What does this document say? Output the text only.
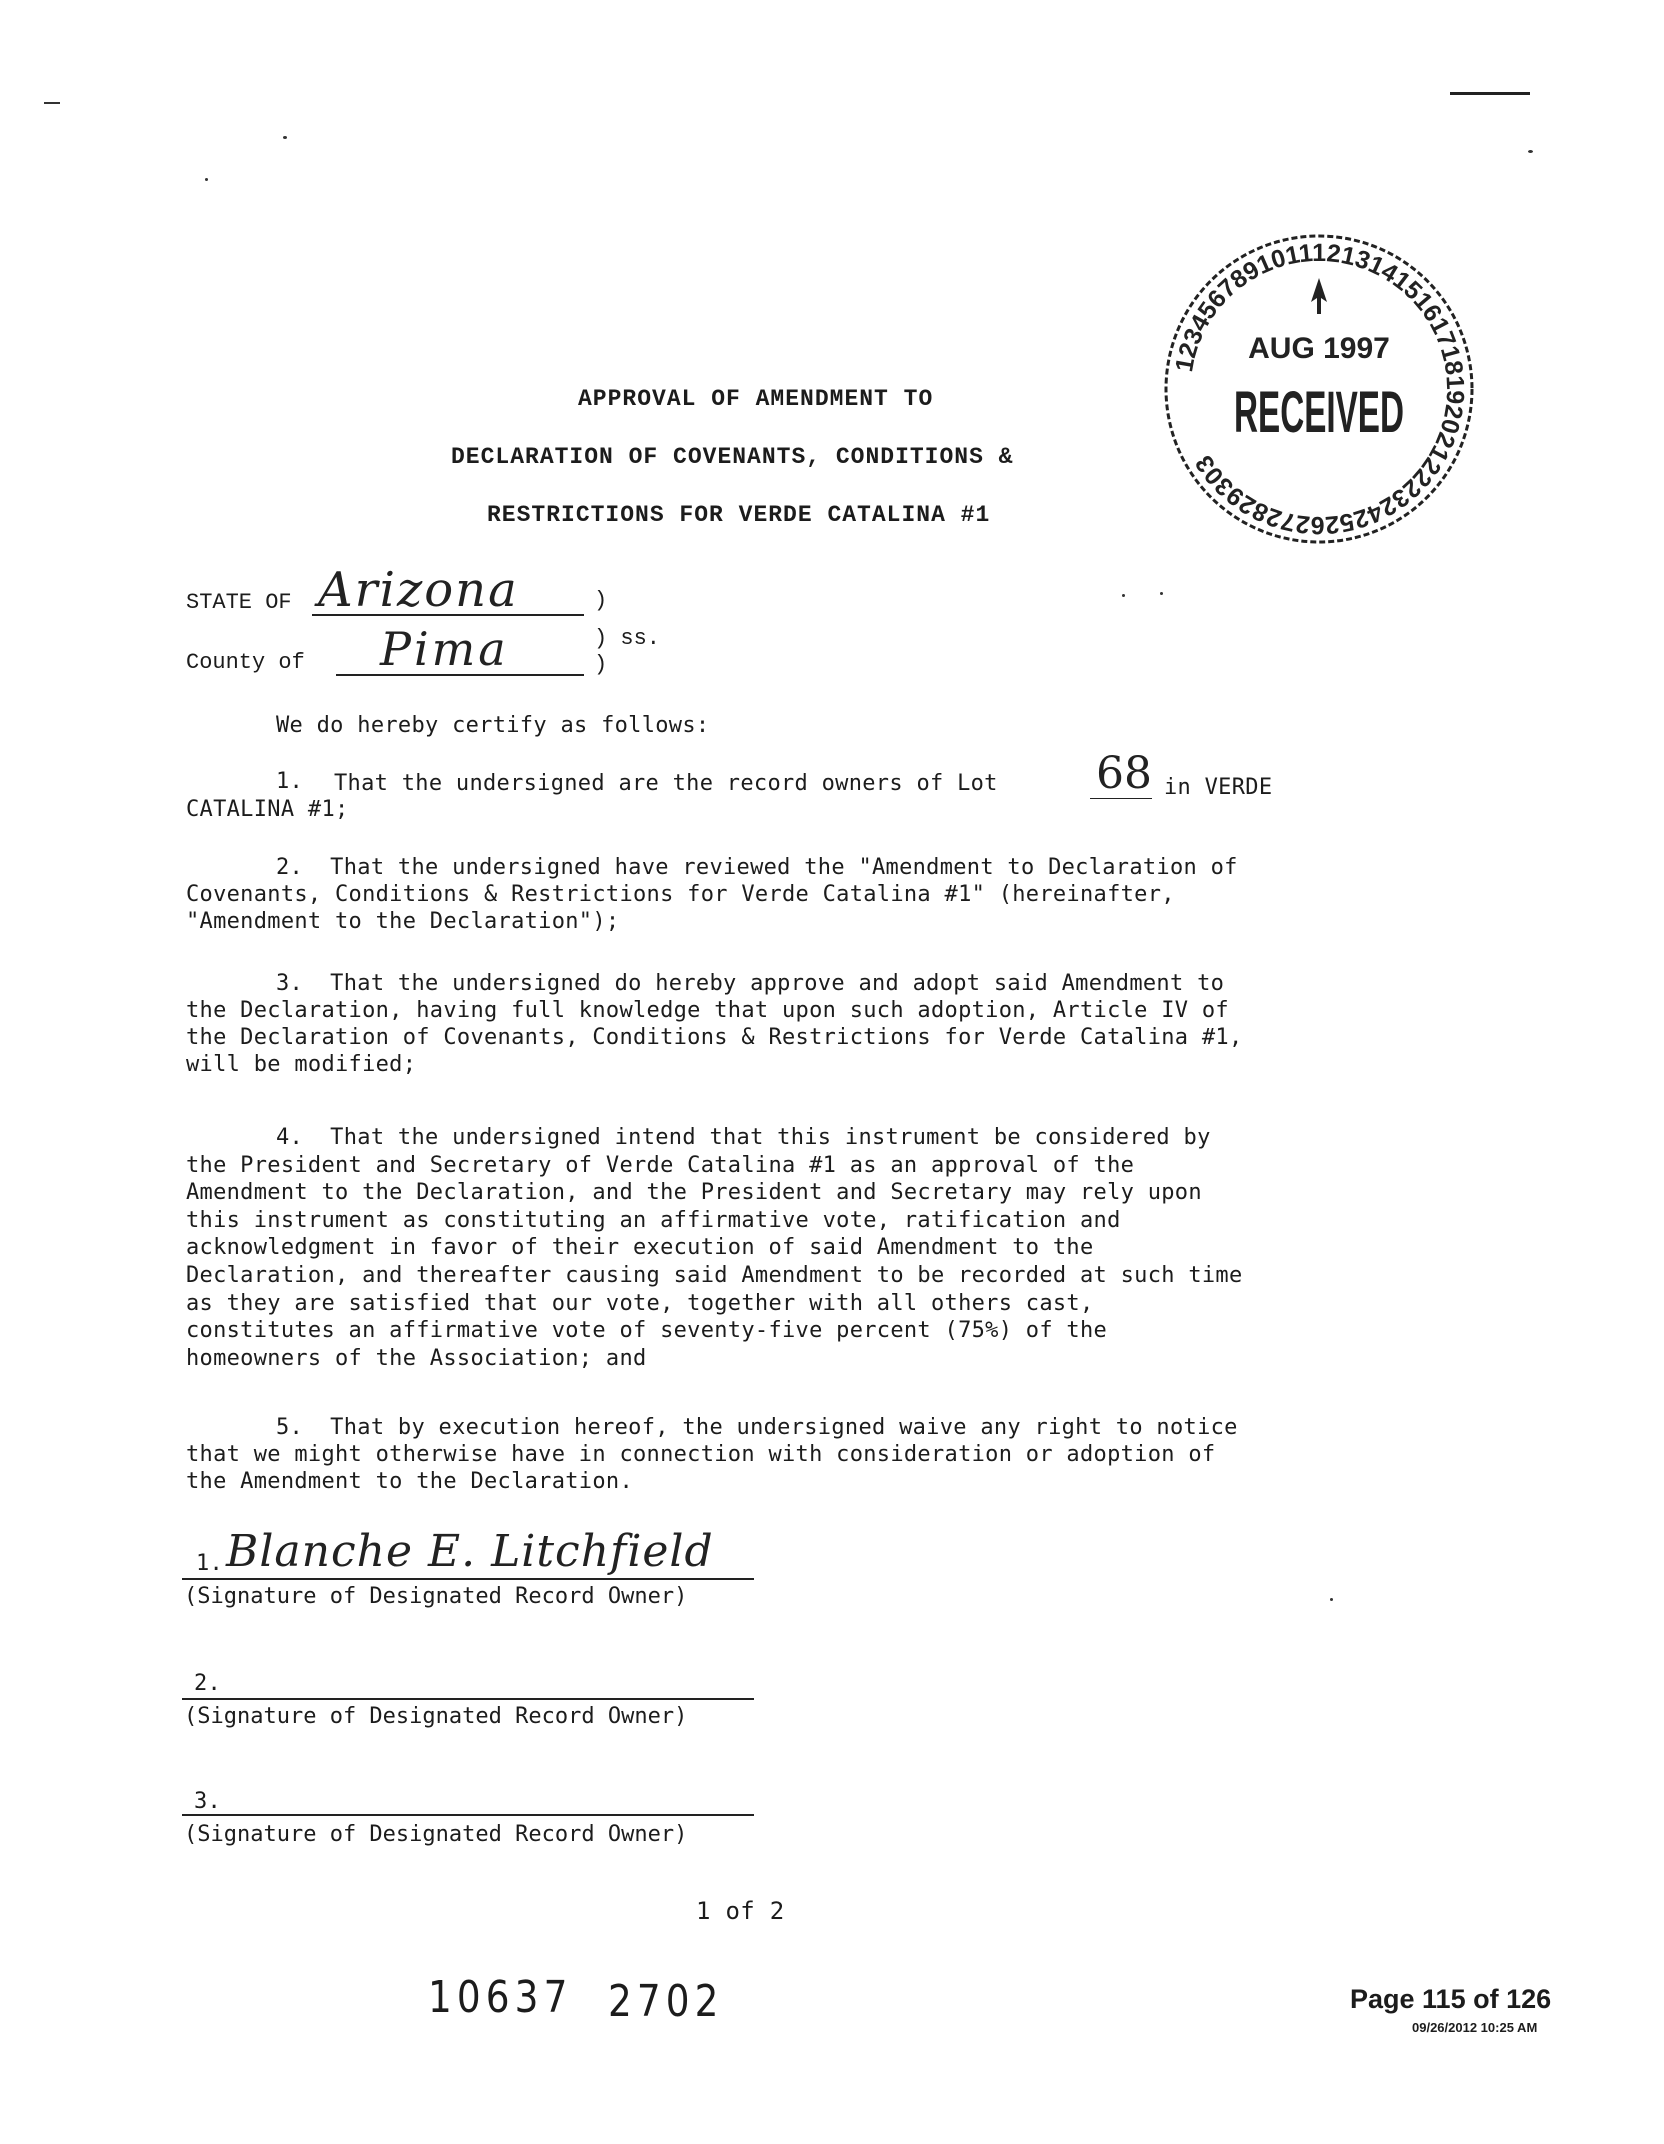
APPROVAL OF AMENDMENT TO
DECLARATION OF COVENANTS, CONDITIONS &
RESTRICTIONS FOR VERDE CATALINA #1
1234567891011121314151617181920212223242526272829303
AUG 1997
RECEIVED
STATE OF Arizona	)
) ss.
County of Pima	)
We do hereby certify as follows:
1. That the undersigned are the record owners of Lot 68 in VERDE
CATALINA #1;
2.  That the undersigned have reviewed the "Amendment to Declaration of
Covenants, Conditions & Restrictions for Verde Catalina #1" (hereinafter,
"Amendment to the Declaration");
3.  That the undersigned do hereby approve and adopt said Amendment to
the Declaration, having full knowledge that upon such adoption, Article IV of
the Declaration of Covenants, Conditions & Restrictions for Verde Catalina #1,
will be modified;
4.  That the undersigned intend that this instrument be considered by
the President and Secretary of Verde Catalina #1 as an approval of the
Amendment to the Declaration, and the President and Secretary may rely upon
this instrument as constituting an affirmative vote, ratification and
acknowledgment in favor of their execution of said Amendment to the
Declaration, and thereafter causing said Amendment to be recorded at such time
as they are satisfied that our vote, together with all others cast,
constitutes an affirmative vote of seventy-five percent (75%) of the
homeowners of the Association; and
5.  That by execution hereof, the undersigned waive any right to notice
that we might otherwise have in connection with consideration or adoption of
the Amendment to the Declaration.
1. Blanche E. Litchfield
(Signature of Designated Record Owner)
2.
(Signature of Designated Record Owner)
3.
(Signature of Designated Record Owner)
1 of 2
10637 2702	Page 115 of 126
09/26/2012 10:25 AM
